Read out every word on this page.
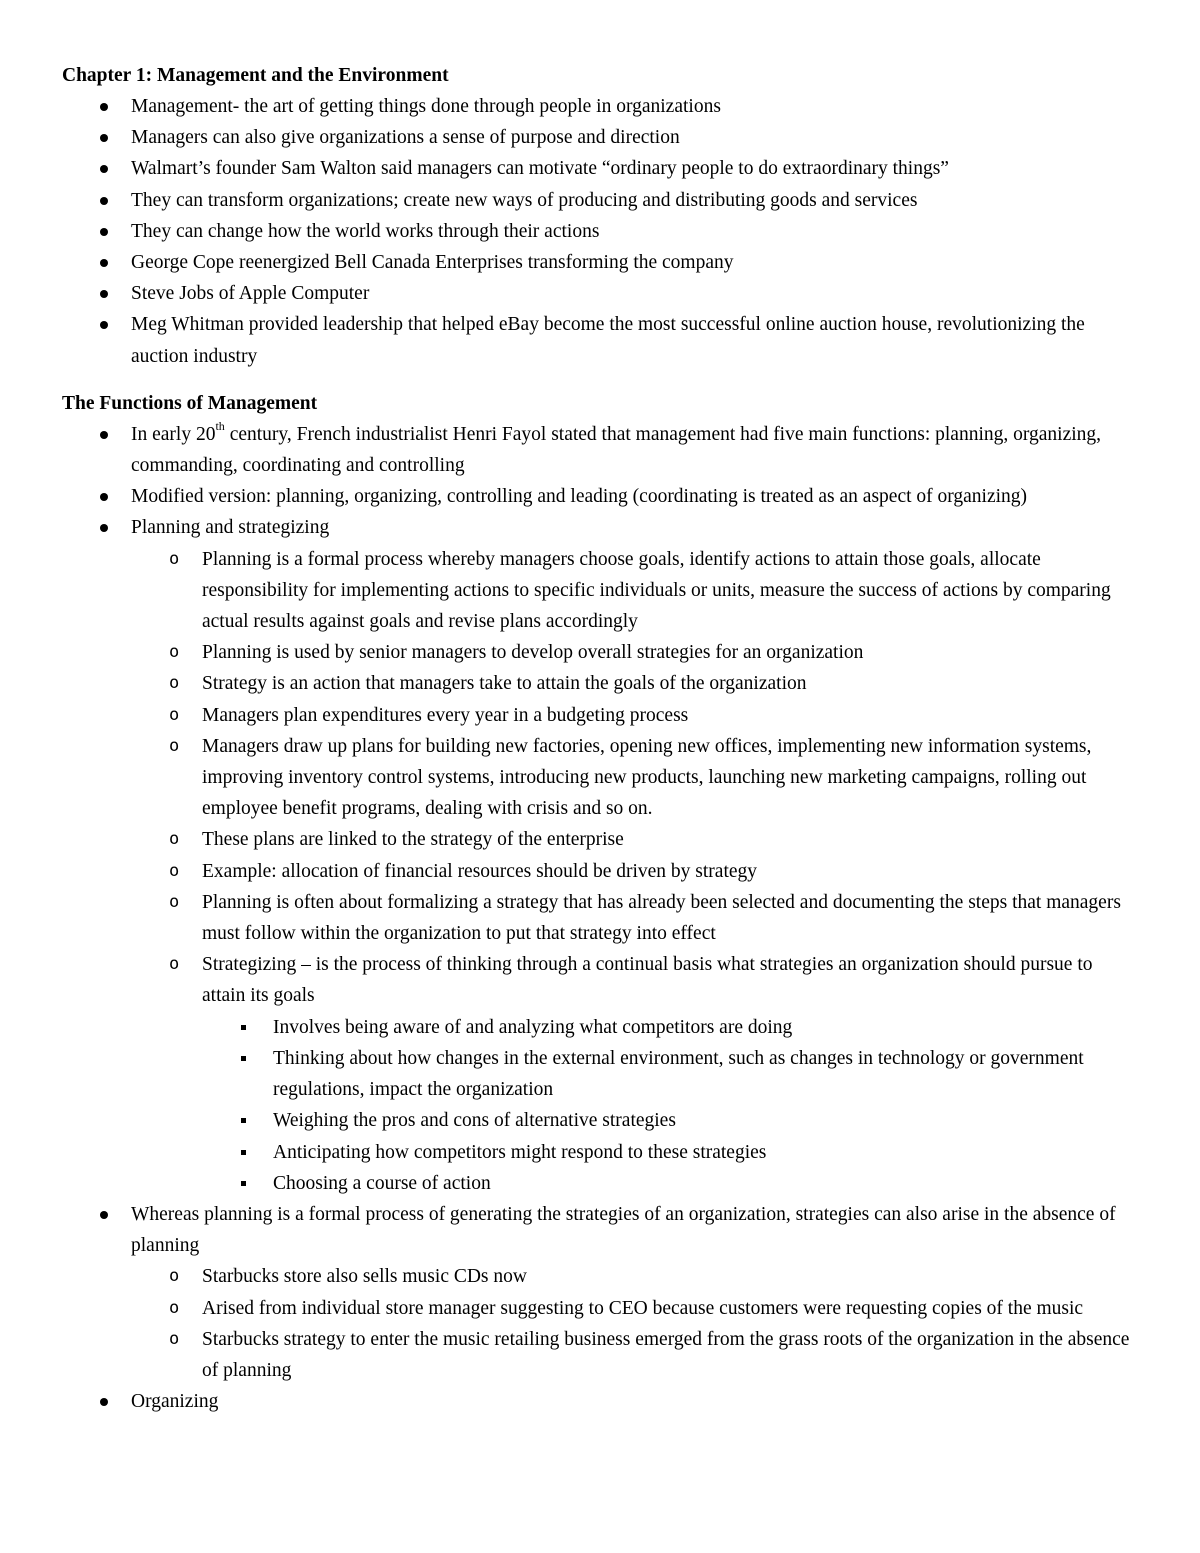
Chapter 1: Management and the Environment

Management- the art of getting things done through people in organizations
Managers can also give organizations a sense of purpose and direction
Walmart’s founder Sam Walton said managers can motivate “ordinary people to do extraordinary things”
They can transform organizations; create new ways of producing and distributing goods and services
They can change how the world works through their actions
George Cope reenergized Bell Canada Enterprises transforming the company
Steve Jobs of Apple Computer
Meg Whitman provided leadership that helped eBay become the most successful online auction house, revolutionizing the auction industry

The Functions of Management

In early 20th century, French industrialist Henri Fayol stated that management had five main functions: planning, organizing, commanding, coordinating and controlling
Modified version: planning, organizing, controlling and leading (coordinating is treated as an aspect of organizing)
Planning and strategizing
o Planning is a formal process whereby managers choose goals, identify actions to attain those goals, allocate responsibility for implementing actions to specific individuals or units, measure the success of actions by comparing actual results against goals and revise plans accordingly
o Planning is used by senior managers to develop overall strategies for an organization
o Strategy is an action that managers take to attain the goals of the organization
o Managers plan expenditures every year in a budgeting process
o Managers draw up plans for building new factories, opening new offices, implementing new information systems, improving inventory control systems, introducing new products, launching new marketing campaigns, rolling out employee benefit programs, dealing with crisis and so on.
o These plans are linked to the strategy of the enterprise
o Example: allocation of financial resources should be driven by strategy
o Planning is often about formalizing a strategy that has already been selected and documenting the steps that managers must follow within the organization to put that strategy into effect
o Strategizing – is the process of thinking through a continual basis what strategies an organization should pursue to attain its goals
Involves being aware of and analyzing what competitors are doing
Thinking about how changes in the external environment, such as changes in technology or government regulations, impact the organization
Weighing the pros and cons of alternative strategies
Anticipating how competitors might respond to these strategies
Choosing a course of action
Whereas planning is a formal process of generating the strategies of an organization, strategies can also arise in the absence of planning
o Starbucks store also sells music CDs now
o Arised from individual store manager suggesting to CEO because customers were requesting copies of the music
o Starbucks strategy to enter the music retailing business emerged from the grass roots of the organization in the absence of planning
Organizing
